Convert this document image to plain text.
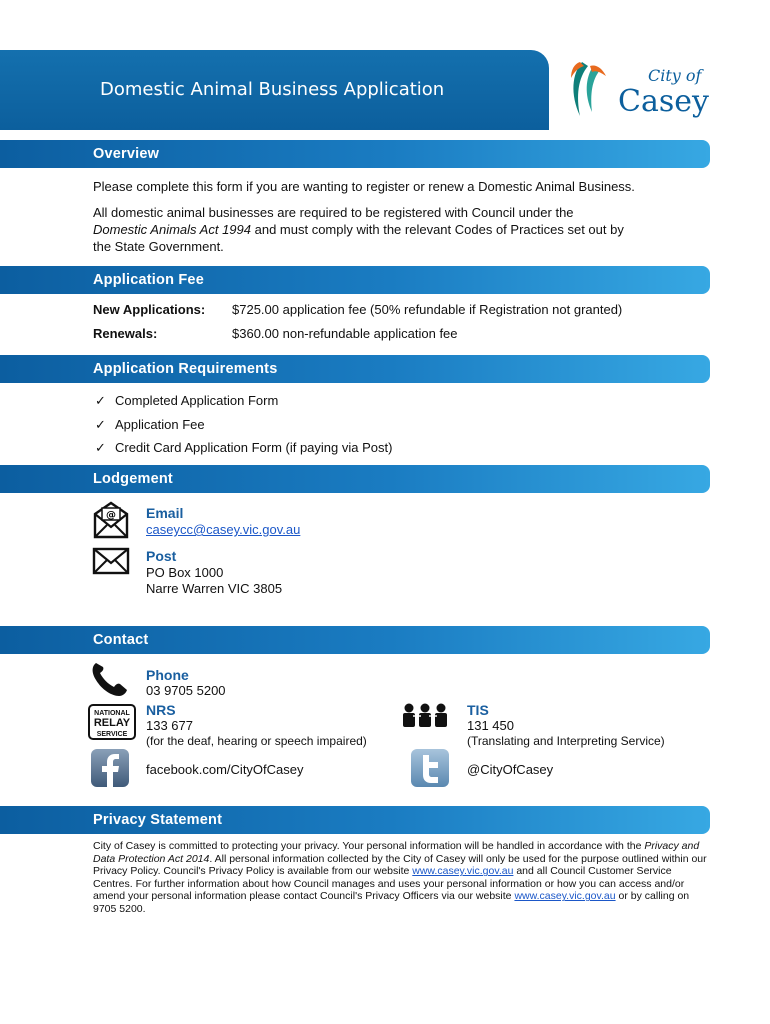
Domestic Animal Business Application
City of
Casey
Overview
Please complete this form if you are wanting to register or renew a Domestic Animal Business.
All domestic animal businesses are required to be registered with Council under the
Domestic Animals Act 1994 and must comply with the relevant Codes of Practices set out by
the State Government.
Application Fee
New Applications: $725.00 application fee (50% refundable if Registration not granted)
Renewals:	$360.00 non-refundable application fee
Application Requirements
✓ Completed Application Form
✓ Application Fee
✓ Credit Card Application Form (if paying via Post)
Lodgement
@ Email
caseycc@casey.vic.gov.au
Post
PO Box 1000
Narre Warren VIC 3805
Contact
Phone
03 9705 5200
NATIONAL
RELAY
SERVICE
NRS
133 677
(for the deaf, hearing or speech impaired)
TIS
131 450
(Translating and Interpreting Service)
facebook.com/CityOfCasey	@CityOfCasey
Privacy Statement
City of Casey is committed to protecting your privacy. Your personal information will be handled in accordance with the Privacy and Data Protection Act 2014. All personal information collected by the City of Casey will only be used for the purpose outlined within our Privacy Policy. Council's Privacy Policy is available from our website www.casey.vic.gov.au and all Council Customer Service Centres. For further information about how Council manages and uses your personal information or how you can access and/or amend your personal information please contact Council's Privacy Officers via our website www.casey.vic.gov.au or by calling on 9705 5200.
